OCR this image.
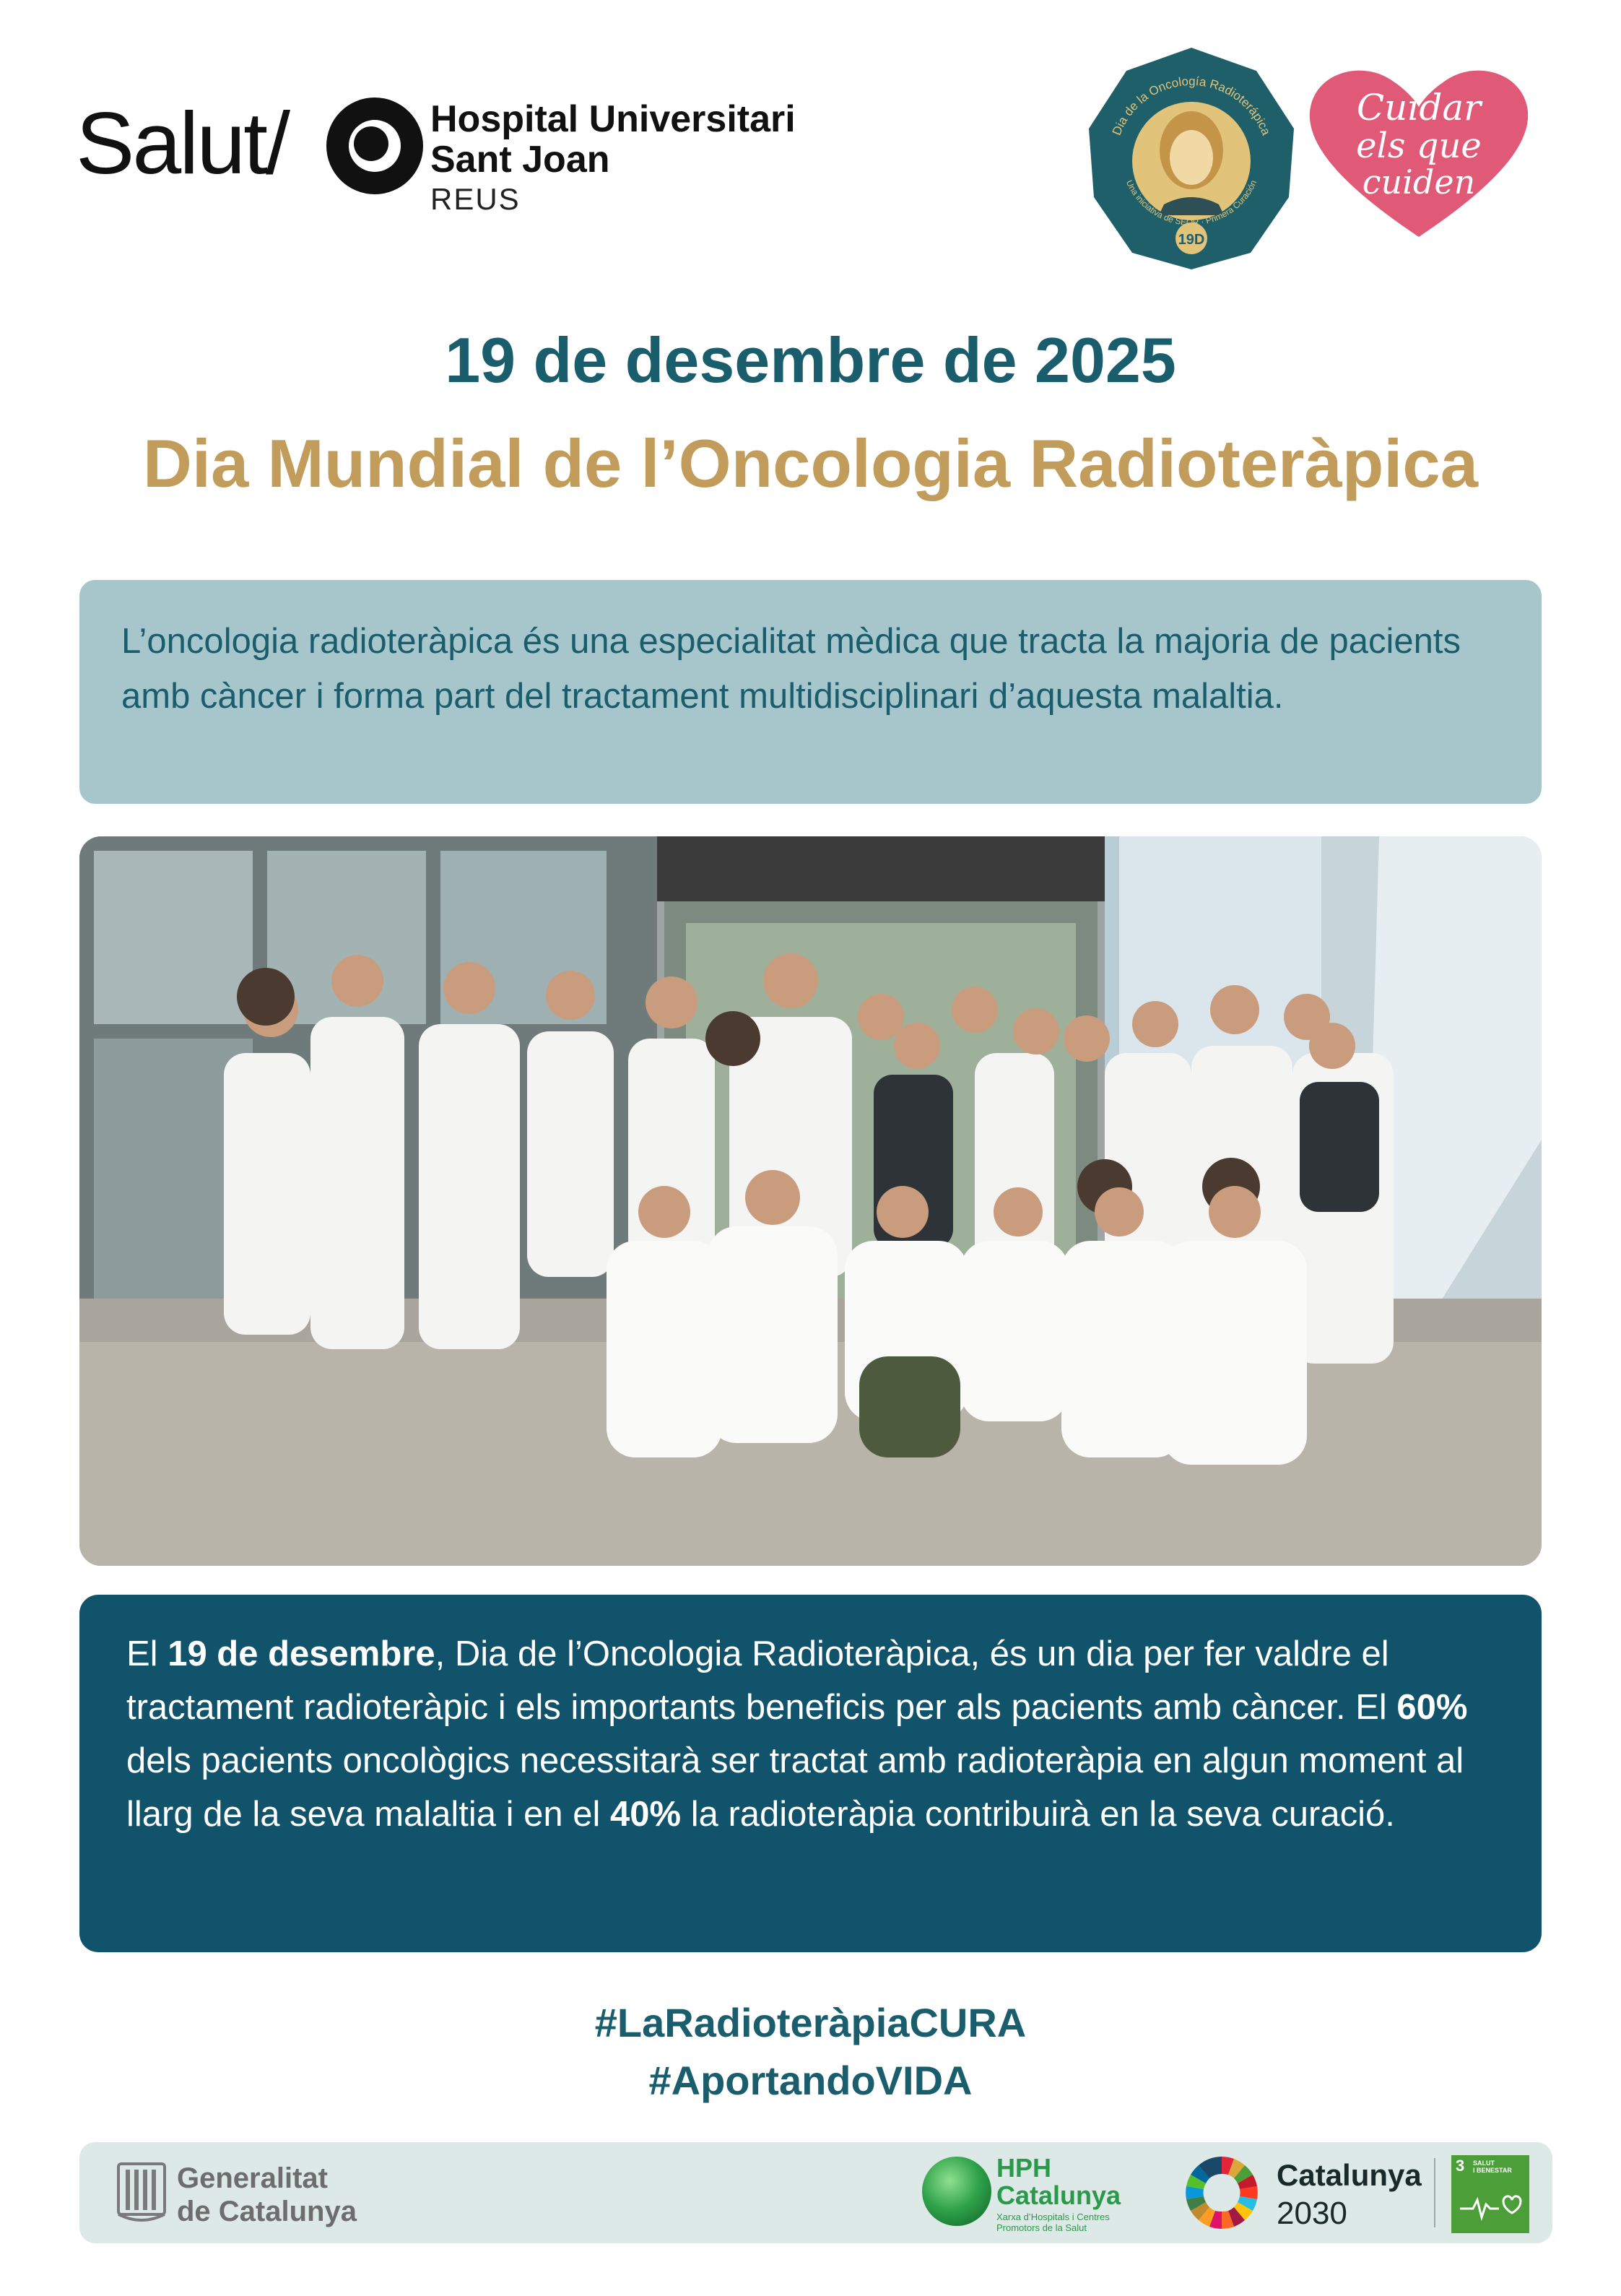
Salut/	Hospital Universitari
Sant Joan
REUS
19D
Dia de la Oncología Radioterápica
Una iniciativa de SEOR · Primera Curación
Cuidar
els que
cuiden
19 de desembre de 2025
Dia Mundial de l’Oncologia Radioteràpica
L’oncologia radioteràpica és una especialitat mèdica que tracta la majoria de pacients amb càncer i forma part del tractament multidisciplinari d’aquesta malaltia.
El 19 de desembre, Dia de l’Oncologia Radioteràpica, és un dia per fer valdre el tractament radioteràpic i els importants beneficis per als pacients amb càncer. El 60% dels pacients oncològics necessitarà ser tractat amb radioteràpia en algun moment al llarg de la seva malaltia i en el 40% la radioteràpia contribuirà en la seva curació.
#LaRadioteràpiaCURA
#AportandoVIDA
Generalitat
de Catalunya
HPH
Catalunya
Xarxa d’Hospitals i Centres
Promotors de la Salut
Catalunya
2030
3 SALUT
I BENESTAR
